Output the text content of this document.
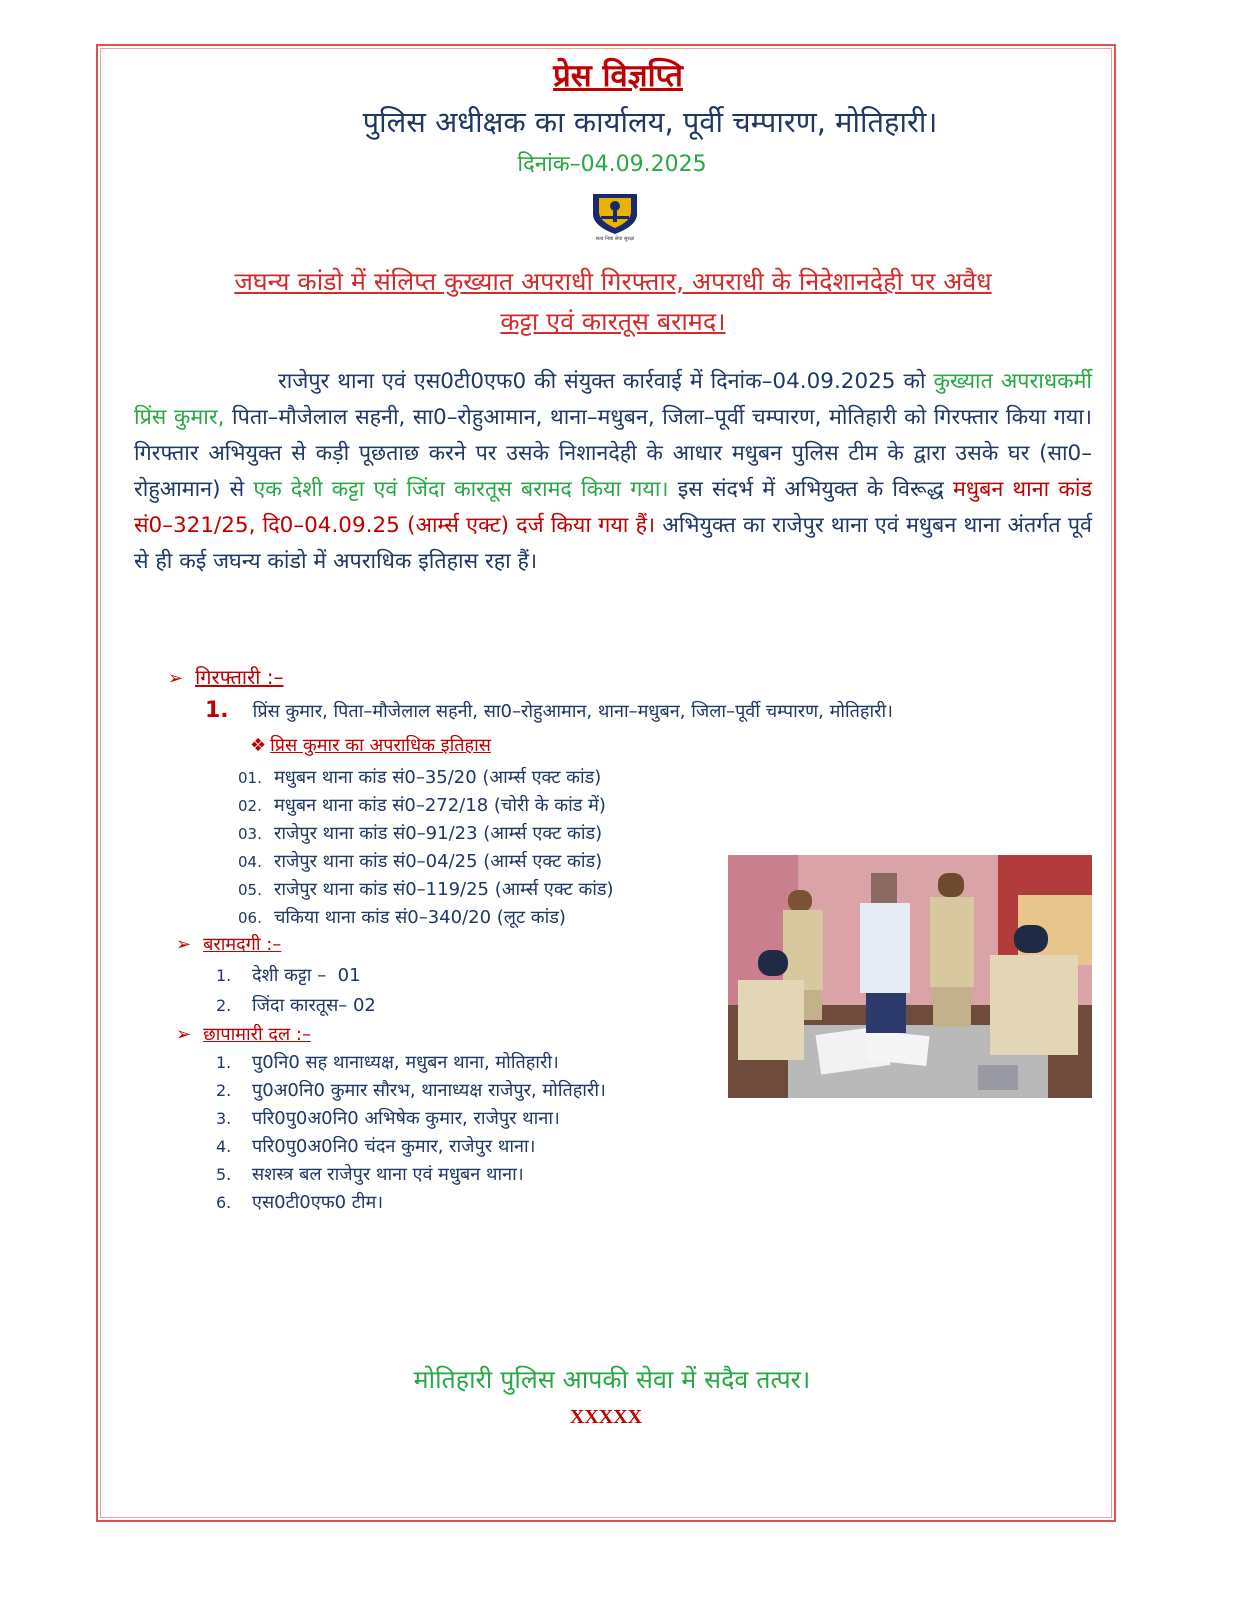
प्रेस विज्ञप्ति
पुलिस अधीक्षक का कार्यालय, पूर्वी चम्पारण, मोतिहारी।
दिनांक–04.09.2025
सत्य निष्ठा सेवा सुरक्षा
जघन्य कांडो में संलिप्त कुख्यात अपराधी गिरफ्तार, अपराधी के निदेशानदेही पर अवैध
कट्टा एवं कारतूस बरामद।
राजेपुर थाना एवं एस0टी0एफ0 की संयुक्त कार्रवाई में दिनांक–04.09.2025 को कुख्यात अपराधकर्मी प्रिंस कुमार, पिता–मौजेलाल सहनी, सा0–रोहुआमान, थाना–मधुबन, जिला–पूर्वी चम्पारण, मोतिहारी को गिरफ्तार किया गया। गिरफ्तार अभियुक्त से कड़ी पूछताछ करने पर उसके निशानदेही के आधार मधुबन पुलिस टीम के द्वारा उसके घर (सा0–रोहुआमान) से एक देशी कट्टा एवं जिंदा कारतूस बरामद किया गया। इस संदर्भ में अभियुक्त के विरूद्ध मधुबन थाना कांड सं0–321/25, दि0–04.09.25 (आर्म्स एक्ट) दर्ज किया गया हैं। अभियुक्त का राजेपुर थाना एवं मधुबन थाना अंतर्गत पूर्व से ही कई जघन्य कांडो में अपराधिक इतिहास रहा हैं।
➢ गिरफ्तारी :–
1. प्रिंस कुमार, पिता–मौजेलाल सहनी, सा0–रोहुआमान, थाना–मधुबन, जिला–पूर्वी चम्पारण, मोतिहारी।
❖ प्रिस कुमार का अपराधिक इतिहास
01. मधुबन थाना कांड सं0–35/20 (आर्म्स एक्ट कांड)
02. मधुबन थाना कांड सं0–272/18 (चोरी के कांड में)
03. राजेपुर थाना कांड सं0–91/23 (आर्म्स एक्ट कांड)
04. राजेपुर थाना कांड सं0–04/25 (आर्म्स एक्ट कांड)
05. राजेपुर थाना कांड सं0–119/25 (आर्म्स एक्ट कांड)
06. चकिया थाना कांड सं0–340/20 (लूट कांड)
➢ बरामदगी :–
1. देशी कट्टा –  01
2. जिंदा कारतूस– 02
➢ छापामारी दल :–
1. पु0नि0 सह थानाध्यक्ष, मधुबन थाना, मोतिहारी।
2. पु0अ0नि0 कुमार सौरभ, थानाध्यक्ष राजेपुर, मोतिहारी।
3. परि0पु0अ0नि0 अभिषेक कुमार, राजेपुर थाना।
4. परि0पु0अ0नि0 चंदन कुमार, राजेपुर थाना।
5. सशस्त्र बल राजेपुर थाना एवं मधुबन थाना।
6. एस0टी0एफ0 टीम।
मोतिहारी पुलिस आपकी सेवा में सदैव तत्पर।
XXXXX
